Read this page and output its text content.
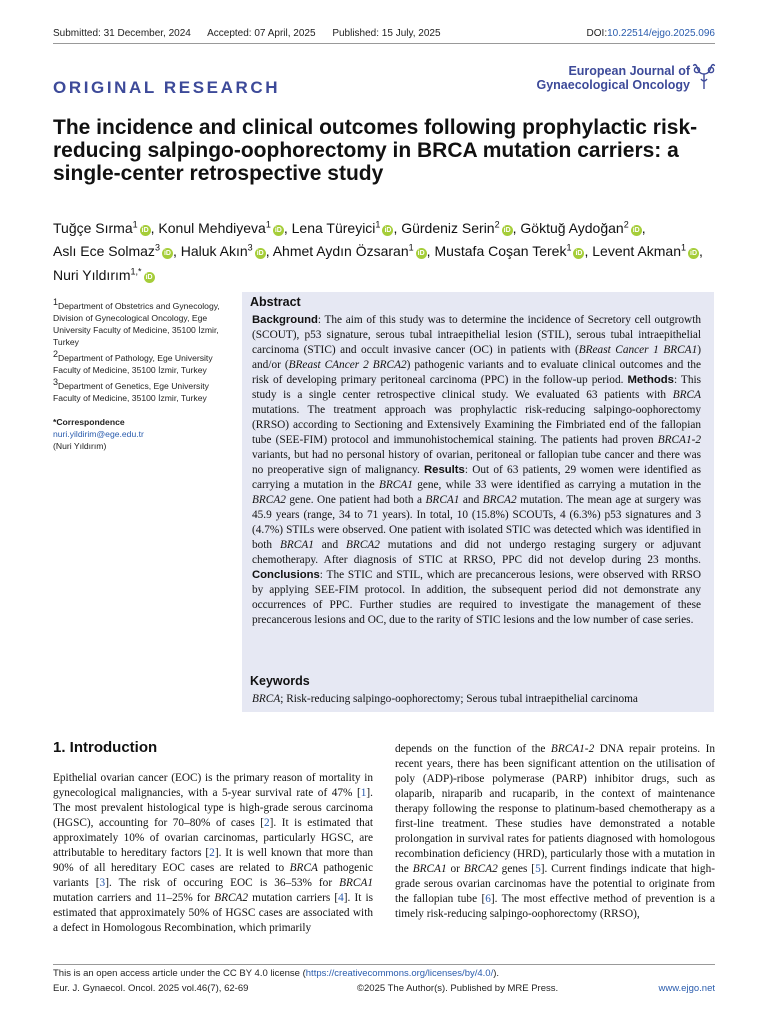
Submitted: 31 December, 2024 Accepted: 07 April, 2025 Published: 15 July, 2025	DOI:10.22514/ejgo.2025.096
ORIGINAL RESEARCH
European Journal of
Gynaecological Oncology
The incidence and clinical outcomes following prophylactic risk-reducing salpingo-oophorectomy in BRCA mutation carriers: a single-center retrospective study
Tuğçe Sırma$^1$iD , Konul Mehdiyeva$^1$iD , Lena Türeyici$^1$iD , Gürdeniz Serin$^2$iD , Göktuğ Aydoğan$^2$iD , Aslı Ece Solmaz$^3$iD , Haluk Akın$^3$iD , Ahmet Aydın Özsaran$^1$iD , Mustafa Coşan Terek$^1$iD , Levent Akman$^1$iD , Nuri Yıldırım$^{1,*}$iD

$^1$Department of Obstetrics and Gynecology, Division of Gynecological Oncology, Ege University Faculty of Medicine, 35100 İzmir, Turkey

$^2$Department of Pathology, Ege University Faculty of Medicine, 35100 İzmir, Turkey

$^3$Department of Genetics, Ege University Faculty of Medicine, 35100 İzmir, Turkey

*Correspondence

nuri.yildirim@ege.edu.tr

(Nuri Yıldırım)

Abstract
Background: The aim of this study was to determine the incidence of Secretory cell outgrowth (SCOUT), p53 signature, serous tubal intraepithelial lesion (STIL), serous tubal intraepithelial carcinoma (STIC) and occult invasive cancer (OC) in patients with (BReast Cancer 1 BRCA1) and/or (BReast CAncer 2 BRCA2) pathogenic variants and to evaluate clinical outcomes and the risk of developing primary peritoneal carcinoma (PPC) in the follow-up period. Methods: This study is a single center retrospective clinical study. We evaluated 63 patients with BRCA mutations. The treatment approach was prophylactic risk-reducing salpingo-oophorectomy (RRSO) according to Sectioning and Extensively Examining the Fimbriated end of the fallopian tube (SEE-FIM) protocol and immunohistochemical staining. The patients had proven BRCA1-2 variants, but had no personal history of ovarian, peritoneal or fallopian tube cancer and there was no preoperative sign of malignancy. Results: Out of 63 patients, 29 women were identified as carrying a mutation in the BRCA1 gene, while 33 were identified as carrying a mutation in the BRCA2 gene. One patient had both a BRCA1 and BRCA2 mutation. The mean age at surgery was 45.9 years (range, 34 to 71 years). In total, 10 (15.8%) SCOUTs, 4 (6.3%) p53 signatures and 3 (4.7%) STILs were observed. One patient with isolated STIC was detected which was identified in both BRCA1 and BRCA2 mutations and did not undergo restaging surgery or adjuvant chemotherapy. After diagnosis of STIC at RRSO, PPC did not develop during 23 months. Conclusions: The STIC and STIL, which are precancerous lesions, were observed with RRSO by applying SEE-FIM protocol. In addition, the subsequent period did not demonstrate any occurrences of PPC. Further studies are required to investigate the management of these precancerous lesions and OC, due to the rarity of STIC lesions and the low number of case series.
Keywords
BRCA; Risk-reducing salpingo-oophorectomy; Serous tubal intraepithelial carcinoma
1. Introduction
Epithelial ovarian cancer (EOC) is the primary reason of mortality in gynecological malignancies, with a 5-year survival rate of 47% [1]. The most prevalent histological type is high-grade serous carcinoma (HGSC), accounting for 70–80% of cases [2]. It is estimated that approximately 10% of ovarian carcinomas, particularly HGSC, are attributable to hereditary factors [2]. It is well known that more than 90% of all hereditary EOC cases are related to BRCA pathogenic variants [3]. The risk of occuring EOC is 36–53% for BRCA1 mutation carriers and 11–25% for BRCA2 mutation carriers [4]. It is estimated that approximately 50% of HGSC cases are associated with a defect in Homologous Recombination, which primarily
depends on the function of the BRCA1-2 DNA repair proteins. In recent years, there has been significant attention on the utilisation of poly (ADP)-ribose polymerase (PARP) inhibitor drugs, such as olaparib, niraparib and rucaparib, in the context of maintenance therapy following the response to platinum-based chemotherapy as a first-line treatment. These studies have demonstrated a notable prolongation in survival rates for patients diagnosed with homologous recombination deficiency (HRD), particularly those with a mutation in the BRCA1 or BRCA2 genes [5]. Current findings indicate that high-grade serous ovarian carcinomas have the potential to originate from the fallopian tube [6]. The most effective method of prevention is a timely risk-reducing salpingo-oophorectomy (RRSO),
This is an open access article under the CC BY 4.0 license (https://creativecommons.org/licenses/by/4.0/).
Eur. J. Gynaecol. Oncol. 2025 vol.46(7), 62-69	©2025 The Author(s). Published by MRE Press.	www.ejgo.net
